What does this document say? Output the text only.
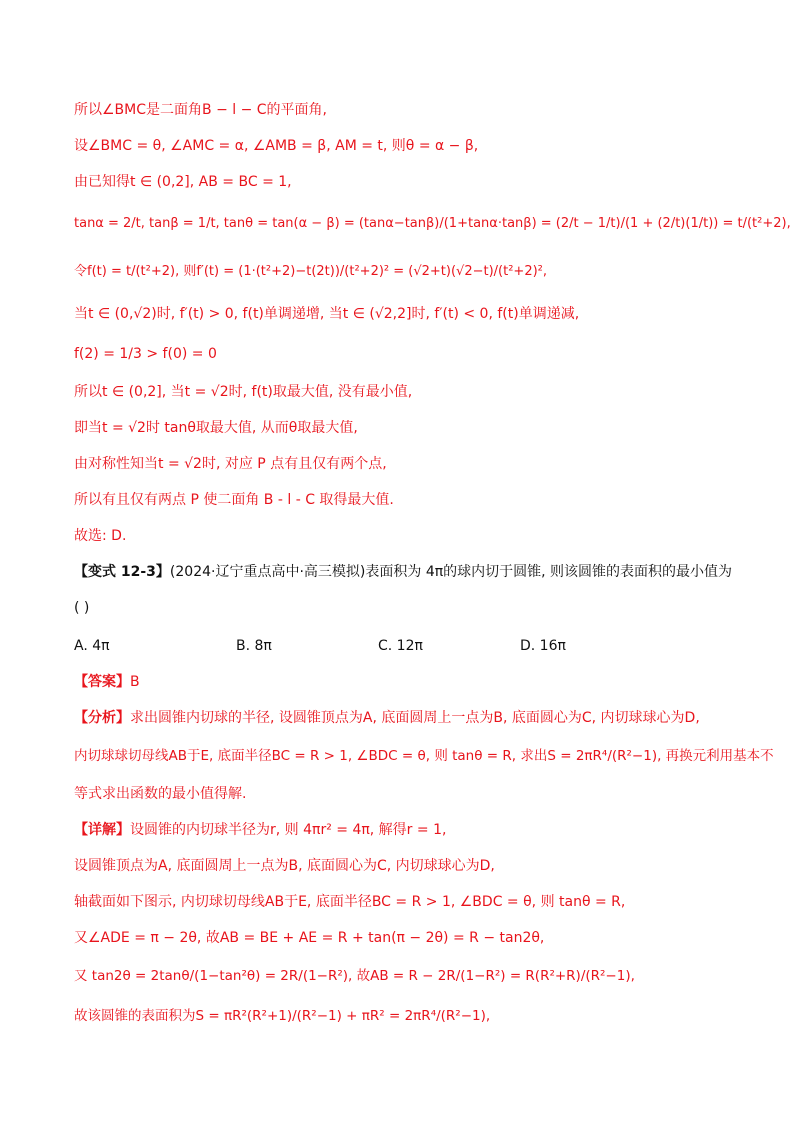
所以∠BMC是二面角B − l − C的平面角,
设∠BMC = θ, ∠AMC = α, ∠AMB = β, AM = t, 则θ = α − β,
由已知得t ∈ (0,2], AB = BC = 1,
tanα = 2/t, tanβ = 1/t, tanθ = tan(α − β) = (tanα−tanβ)/(1+tanα·tanβ) = (2/t − 1/t)/(1 + (2/t)(1/t)) = t/(t²+2),
令f(t) = t/(t²+2), 则f′(t) = (1·(t²+2)−t(2t))/(t²+2)² = (√2+t)(√2−t)/(t²+2)²,
当t ∈ (0,√2)时, f′(t) > 0, f(t)单调递增, 当t ∈ (√2,2]时, f′(t) < 0, f(t)单调递减,
f(2) = 1/3 > f(0) = 0
所以t ∈ (0,2], 当t = √2时, f(t)取最大值, 没有最小值,
即当t = √2时 tanθ取最大值, 从而θ取最大值,
由对称性知当t = √2时, 对应 P 点有且仅有两个点,
所以有且仅有两点 P 使二面角 B - l - C 取得最大值.
故选: D.
【变式 12-3】(2024·辽宁重点高中·高三模拟)表面积为 4π的球内切于圆锥, 则该圆锥的表面积的最小值为
( )
A. 4π	B. 8π	C. 12π	D. 16π
【答案】B
【分析】求出圆锥内切球的半径, 设圆锥顶点为A, 底面圆周上一点为B, 底面圆心为C, 内切球球心为D,
内切球球切母线AB于E, 底面半径BC = R > 1, ∠BDC = θ, 则 tanθ = R, 求出S = 2πR⁴/(R²−1), 再换元利用基本不
等式求出函数的最小值得解.
【详解】设圆锥的内切球半径为r, 则 4πr² = 4π, 解得r = 1,
设圆锥顶点为A, 底面圆周上一点为B, 底面圆心为C, 内切球球心为D,
轴截面如下图示, 内切球切母线AB于E, 底面半径BC = R > 1, ∠BDC = θ, 则 tanθ = R,
又∠ADE = π − 2θ, 故AB = BE + AE = R + tan(π − 2θ) = R − tan2θ,
又 tan2θ = 2tanθ/(1−tan²θ) = 2R/(1−R²), 故AB = R − 2R/(1−R²) = R(R²+R)/(R²−1),
故该圆锥的表面积为S = πR²(R²+1)/(R²−1) + πR² = 2πR⁴/(R²−1),
